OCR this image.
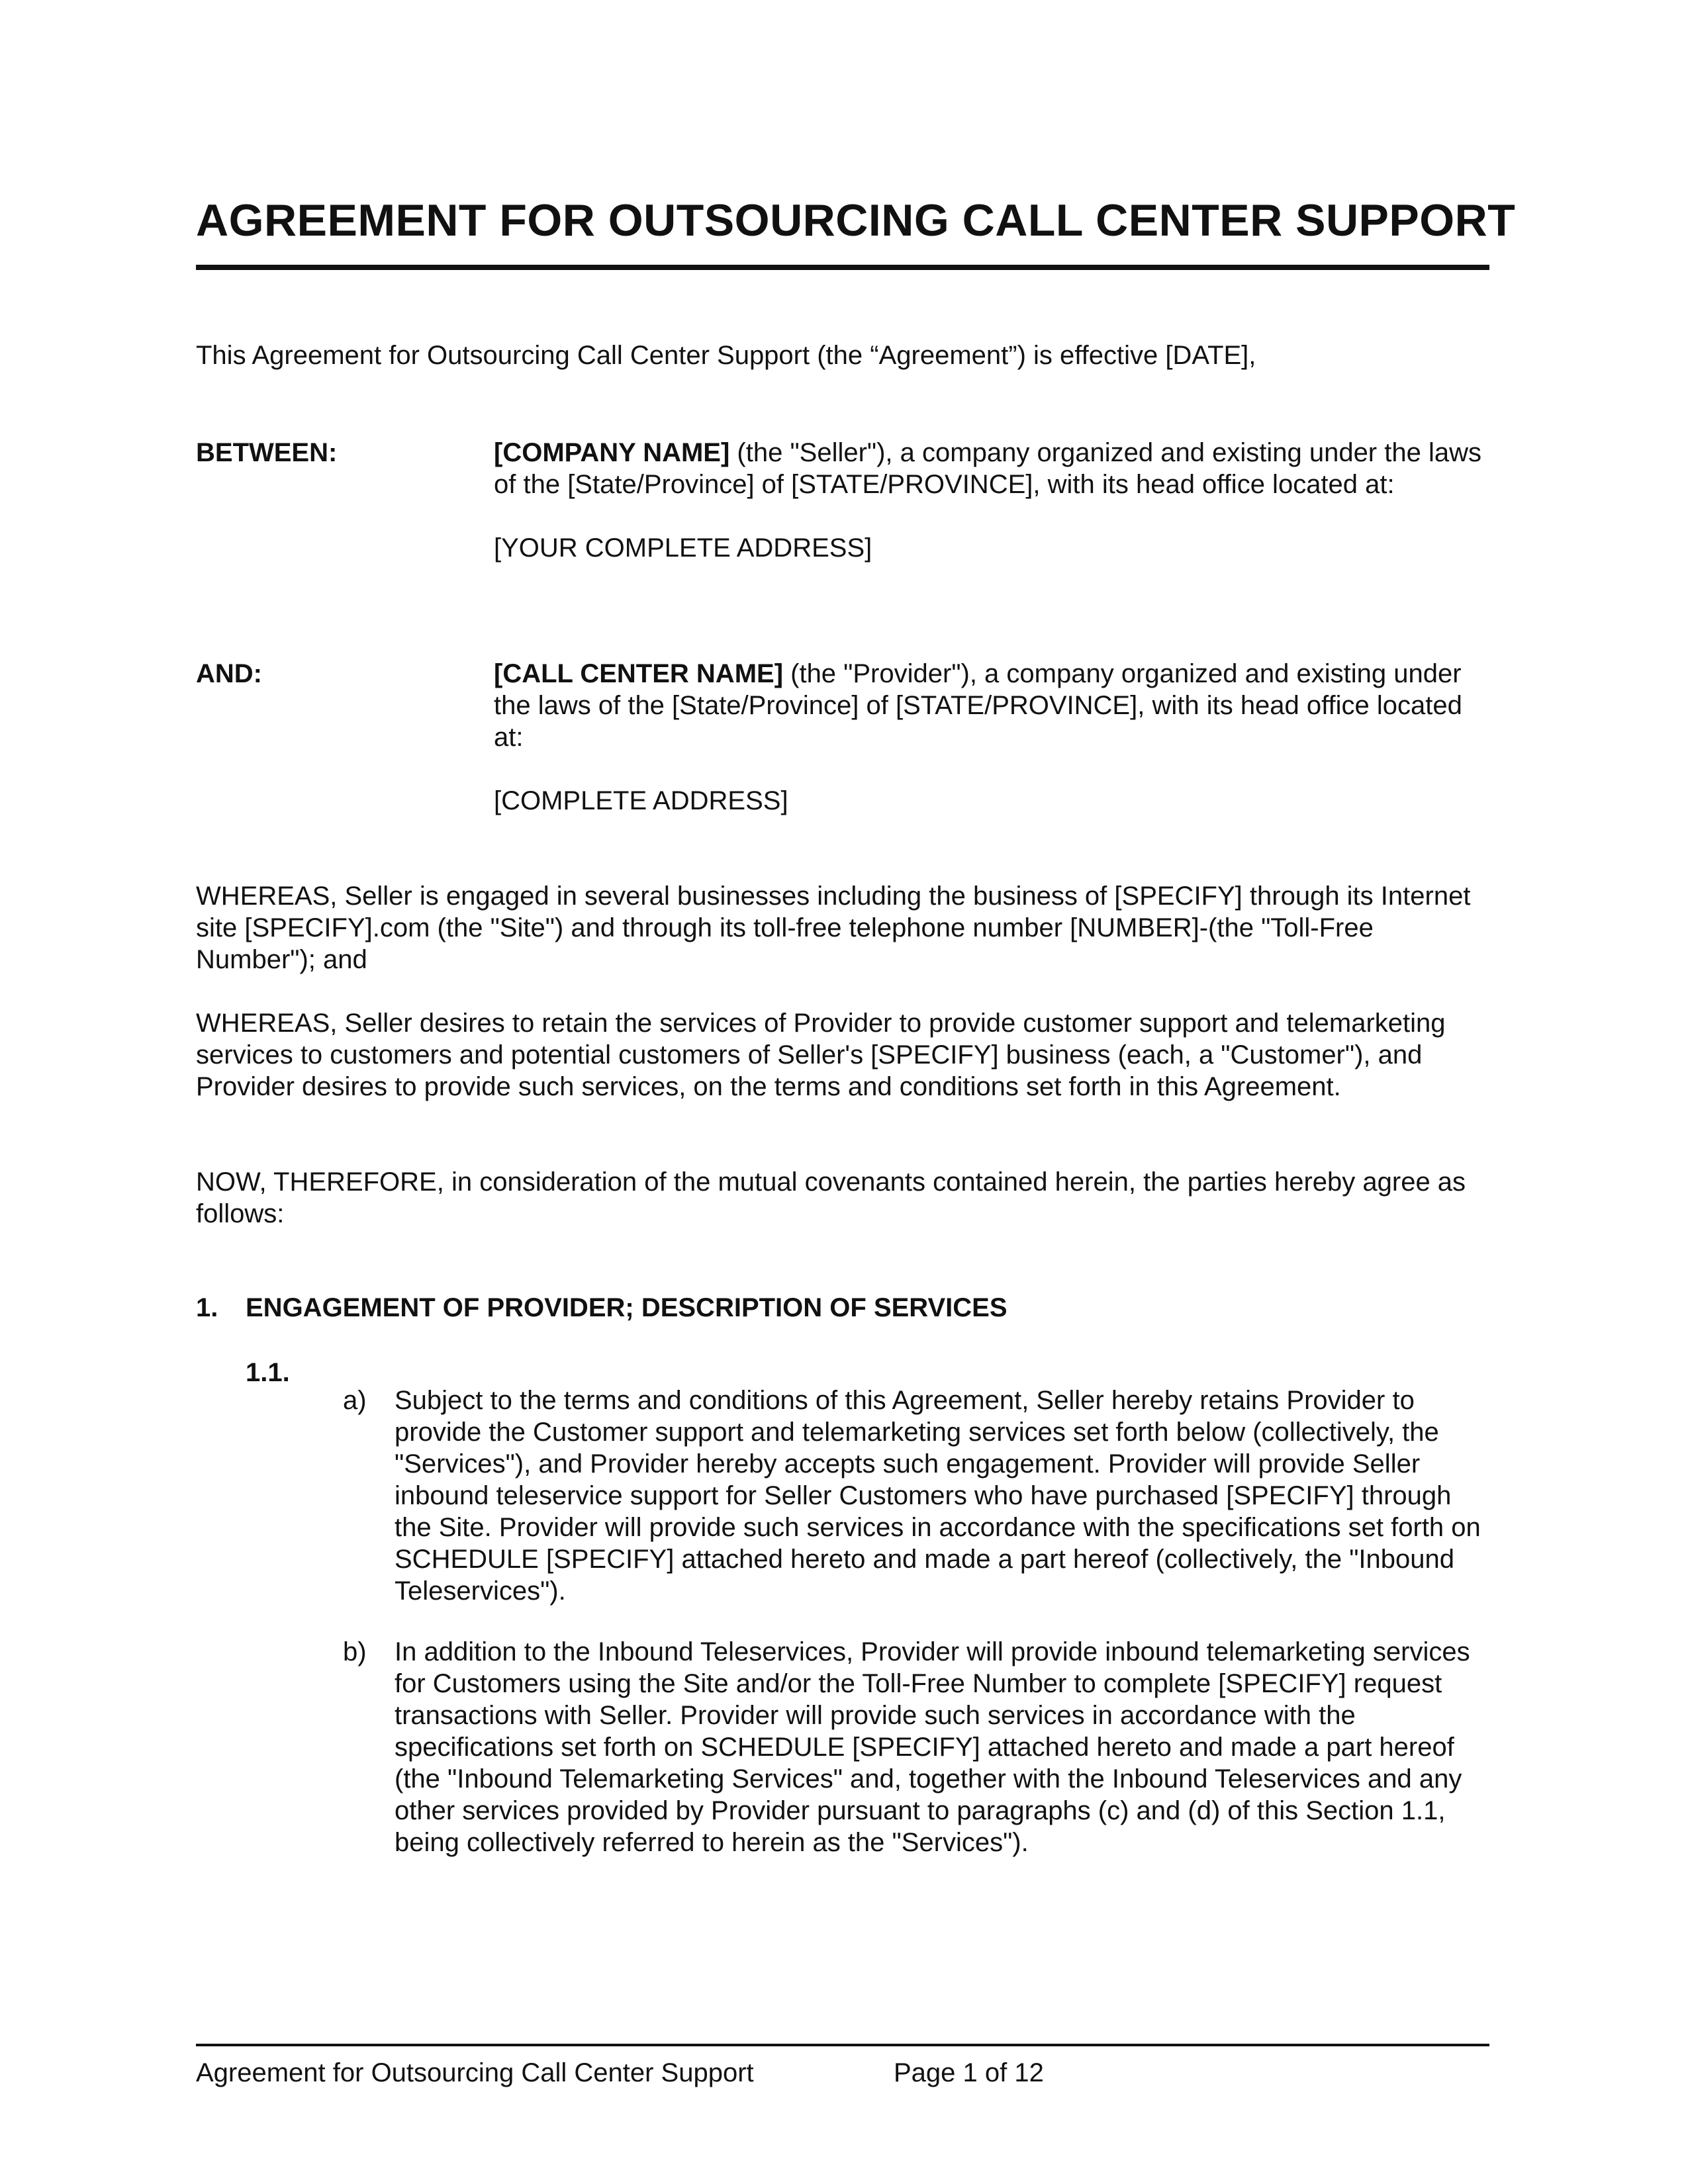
AGREEMENT FOR OUTSOURCING CALL CENTER SUPPORT
This Agreement for Outsourcing Call Center Support (the “Agreement”) is effective [DATE],
BETWEEN:	[COMPANY NAME] (the "Seller"), a company organized and existing under the laws of the [State/Province] of [STATE/PROVINCE], with its head office located at:

[YOUR COMPLETE ADDRESS]

AND:	[CALL CENTER NAME] (the "Provider"), a company organized and existing under the laws of the [State/Province] of [STATE/PROVINCE], with its head office located at:

[COMPLETE ADDRESS]

WHEREAS, Seller is engaged in several businesses including the business of [SPECIFY] through its Internet site [SPECIFY].com (the "Site") and through its toll-free telephone number [NUMBER]-(the "Toll-Free Number"); and

WHEREAS, Seller desires to retain the services of Provider to provide customer support and telemarketing services to customers and potential customers of Seller's [SPECIFY] business (each, a "Customer"), and Provider desires to provide such services, on the terms and conditions set forth in this Agreement.

NOW, THEREFORE, in consideration of the mutual covenants contained herein, the parties hereby agree as follows:

1. ENGAGEMENT OF PROVIDER; DESCRIPTION OF SERVICES
1.1.
a)	Subject to the terms and conditions of this Agreement, Seller hereby retains Provider to provide the Customer support and telemarketing services set forth below (collectively, the "Services"), and Provider hereby accepts such engagement. Provider will provide Seller inbound teleservice support for Seller Customers who have purchased [SPECIFY] through the Site. Provider will provide such services in accordance with the specifications set forth on SCHEDULE [SPECIFY] attached hereto and made a part hereof (collectively, the "Inbound Teleservices").
b)	In addition to the Inbound Teleservices, Provider will provide inbound telemarketing services for Customers using the Site and/or the Toll-Free Number to complete [SPECIFY] request transactions with Seller. Provider will provide such services in accordance with the specifications set forth on SCHEDULE [SPECIFY] attached hereto and made a part hereof (the "Inbound Telemarketing Services" and, together with the Inbound Teleservices and any other services provided by Provider pursuant to paragraphs (c) and (d) of this Section 1.1, being collectively referred to herein as the "Services").
Agreement for Outsourcing Call Center Support	Page 1 of 12
